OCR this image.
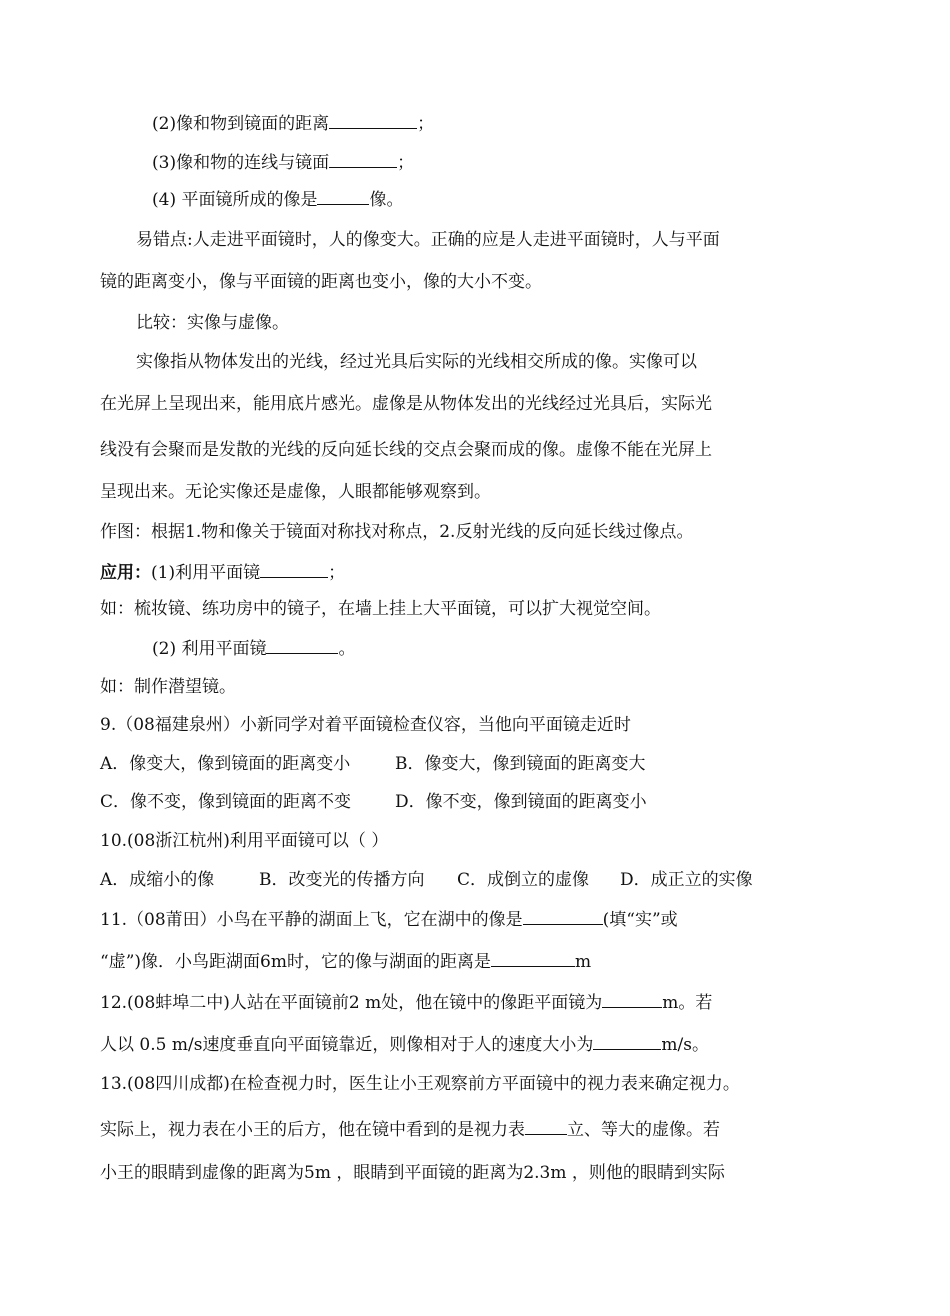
(2)像和物到镜面的距离	；
(3)像和物的连线与镜面	；
(4) 平面镜所成的像是	像。
易错点:人走进平面镜时，人的像变大。正确的应是人走进平面镜时，人与平面
镜的距离变小，像与平面镜的距离也变小，像的大小不变。
比较：实像与虚像。
实像指从物体发出的光线，经过光具后实际的光线相交所成的像。实像可以
在光屏上呈现出来，能用底片感光。虚像是从物体发出的光线经过光具后，实际光
线没有会聚而是发散的光线的反向延长线的交点会聚而成的像。虚像不能在光屏上
呈现出来。无论实像还是虚像，人眼都能够观察到。
作图：根据1.物和像关于镜面对称找对称点，2.反射光线的反向延长线过像点。
应用：(1)利用平面镜	；
如：梳妆镜、练功房中的镜子，在墙上挂上大平面镜，可以扩大视觉空间。
(2) 利用平面镜	。
如：制作潜望镜。
9.（08福建泉州）小新同学对着平面镜检查仪容，当他向平面镜走近时
A．像变大，像到镜面的距离变小	B．像变大，像到镜面的距离变大
C．像不变，像到镜面的距离不变	D．像不变，像到镜面的距离变小
10.(08浙江杭州)利用平面镜可以（ ）
A．成缩小的像	B．改变光的传播方向 C．成倒立的虚像 D．成正立的实像
11.（08莆田）小鸟在平静的湖面上飞，它在湖中的像是	(填“实”或
“虚”)像．小鸟距湖面6m时，它的像与湖面的距离是	m
12.(08蚌埠二中)人站在平面镜前2 m处，他在镜中的像距平面镜为	m。若
人以 0.5 m/s速度垂直向平面镜靠近，则像相对于人的速度大小为	m/s。
13.(08四川成都)在检查视力时，医生让小王观察前方平面镜中的视力表来确定视力。
实际上，视力表在小王的后方，他在镜中看到的是视力表 立、等大的虚像。若
小王的眼睛到虚像的距离为5m ，眼睛到平面镜的距离为2.3m ，则他的眼睛到实际
